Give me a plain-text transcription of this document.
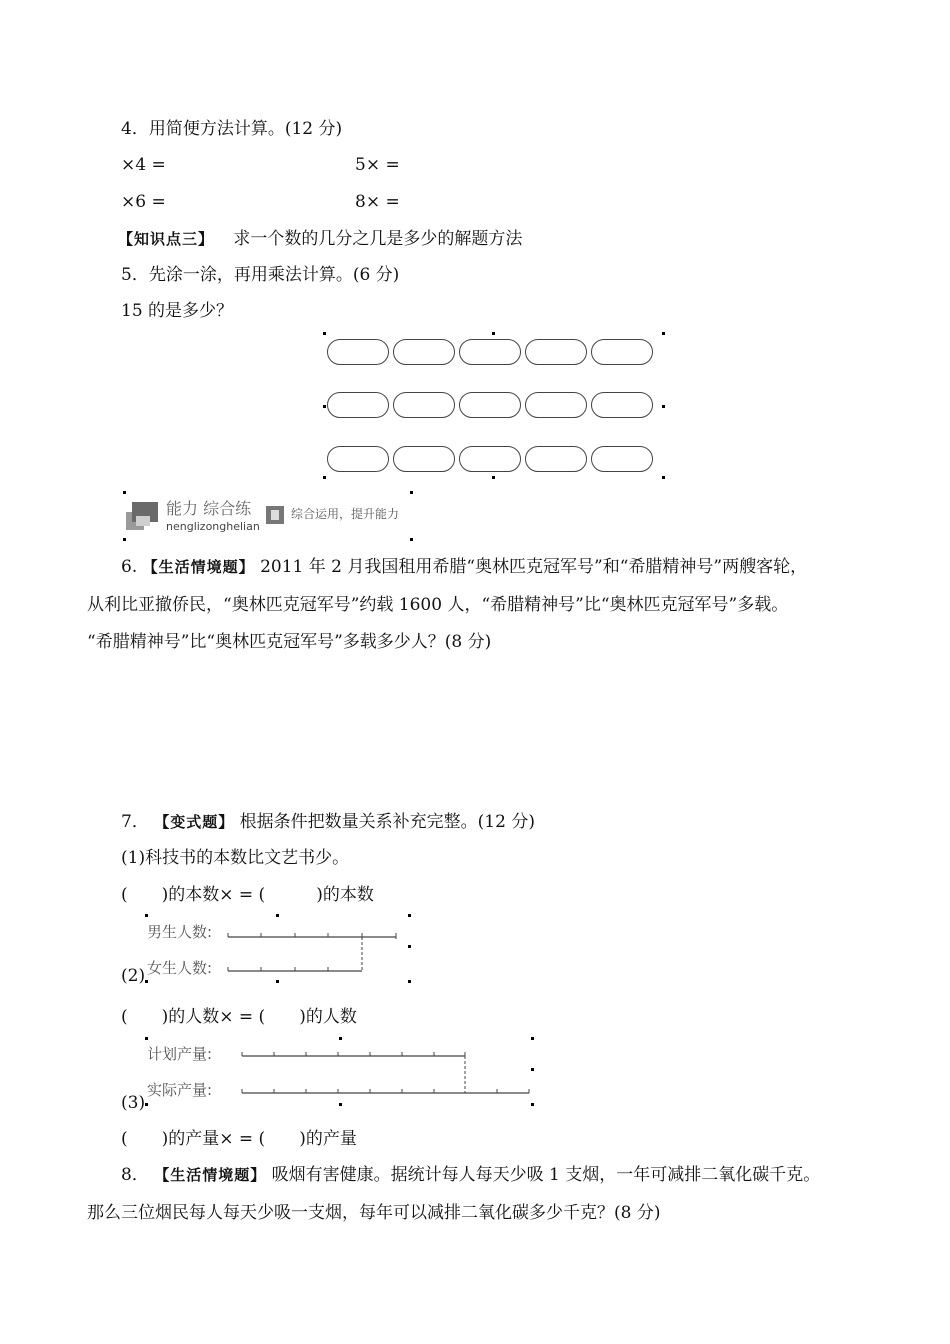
4．用简便方法计算。(12 分)
×4 =	5× =
×6 =	8× =
【知识点三】 求一个数的几分之几是多少的解题方法
5．先涂一涂，再用乘法计算。(6 分)
15 的是多少？
能力 综合练
nenglizonghelian
综合运用，提升能力
6. 【生活情境题】 2011 年 2 月我国租用希腊“奥林匹克冠军号”和“希腊精神号”两艘客轮，
从利比亚撤侨民，“奥林匹克冠军号”约载 1600 人，“希腊精神号”比“奥林匹克冠军号”多载。
“希腊精神号”比“奥林匹克冠军号”多载多少人？(8 分)
7． 【变式题】 根据条件把数量关系补充完整。(12 分)
(1)科技书的本数比文艺书少。
(　　)的本数× = (　　　)的本数
男生人数:
女生人数:
(2)
(　　)的人数× = (　　)的人数
计划产量:
实际产量:
(3)
(　　)的产量× = (　　)的产量
8． 【生活情境题】 吸烟有害健康。据统计每人每天少吸 1 支烟，一年可减排二氧化碳千克。
那么三位烟民每人每天少吸一支烟，每年可以减排二氧化碳多少千克？(8 分)
